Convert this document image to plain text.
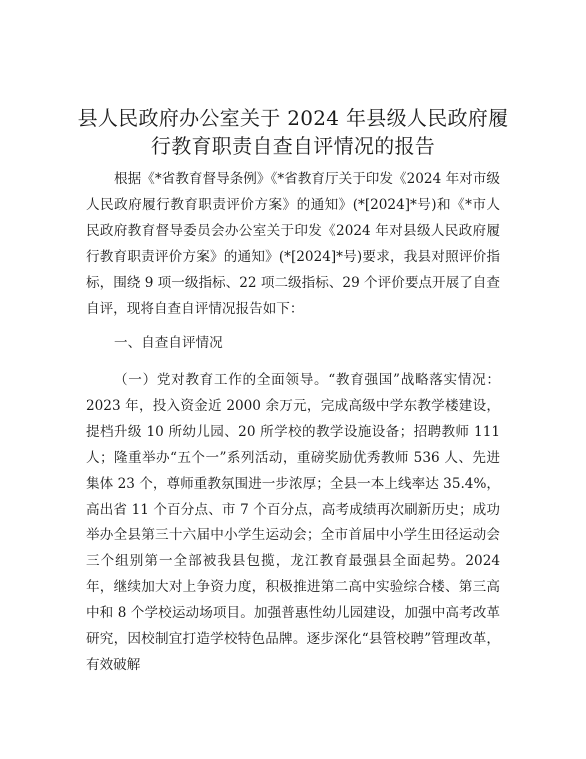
县人民政府办公室关于 2024 年县级人民政府履
行教育职责自查自评情况的报告
根据《*省教育督导条例》《*省教育厅关于印发《2024 年对市级人民政府履行教育职责评价方案》的通知》(*[2024]*号)和《*市人民政府教育督导委员会办公室关于印发《2024 年对县级人民政府履行教育职责评价方案》的通知》(*[2024]*号)要求，我县对照评价指标，围绕 9 项一级指标、22 项二级指标、29 个评价要点开展了自查自评，现将自查自评情况报告如下：
一、自查自评情况
（一）党对教育工作的全面领导。“教育强国”战略落实情况：2023 年，投入资金近 2000 余万元，完成高级中学东教学楼建设，提档升级 10 所幼儿园、20 所学校的教学设施设备；招聘教师 111 人；隆重举办“五个一”系列活动，重磅奖励优秀教师 536 人、先进集体 23 个，尊师重教氛围进一步浓厚；全县一本上线率达 35.4%，高出省 11 个百分点、市 7 个百分点，高考成绩再次刷新历史；成功举办全县第三十六届中小学生运动会；全市首届中小学生田径运动会三个组别第一全部被我县包揽，龙江教育最强县全面起势。2024 年，继续加大对上争资力度，积极推进第二高中实验综合楼、第三高中和 8 个学校运动场项目。加强普惠性幼儿园建设，加强中高考改革研究，因校制宜打造学校特色品牌。逐步深化“县管校聘”管理改革，有效破解
